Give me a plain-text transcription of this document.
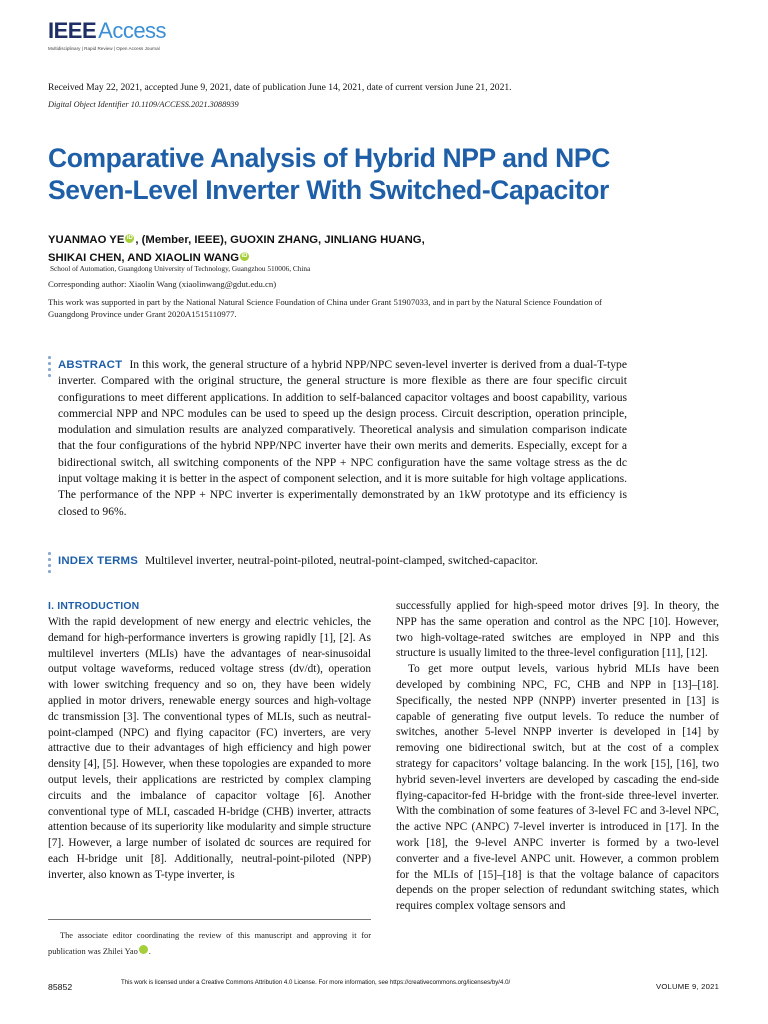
IEEEAccess
Multidisciplinary | Rapid Review | Open Access Journal
Received May 22, 2021, accepted June 9, 2021, date of publication June 14, 2021, date of current version June 21, 2021.
Digital Object Identifier 10.1109/ACCESS.2021.3088939
Comparative Analysis of Hybrid NPP and NPC
Seven-Level Inverter With Switched-Capacitor
YUANMAO YE iD , (Member, IEEE), GUOXIN ZHANG, JINLIANG HUANG,
SHIKAI CHEN, AND XIAOLIN WANG iD
School of Automation, Guangdong University of Technology, Guangzhou 510006, China
Corresponding author: Xiaolin Wang (xiaolinwang@gdut.edu.cn)
This work was supported in part by the National Natural Science Foundation of China under Grant 51907033, and in part by the Natural Science Foundation of Guangdong Province under Grant 2020A1515110977.
ABSTRACT In this work, the general structure of a hybrid NPP/NPC seven-level inverter is derived from a dual-T-type inverter. Compared with the original structure, the general structure is more flexible as there are four specific circuit configurations to meet different applications. In addition to self-balanced capacitor voltages and boost capability, various commercial NPP and NPC modules can be used to speed up the design process. Circuit description, operation principle, modulation and simulation results are analyzed comparatively. Theoretical analysis and simulation comparison indicate that the four configurations of the hybrid NPP/NPC inverter have their own merits and demerits. Especially, except for a bidirectional switch, all switching components of the NPP + NPC configuration have the same voltage stress as the dc input voltage making it is better in the aspect of component selection, and it is more suitable for high voltage applications. The performance of the NPP + NPC inverter is experimentally demonstrated by an 1kW prototype and its efficiency is closed to 96%.
INDEX TERMS Multilevel inverter, neutral-point-piloted, neutral-point-clamped, switched-capacitor.
I. INTRODUCTION

With the rapid development of new energy and electric vehicles, the demand for high-performance inverters is growing rapidly [1], [2]. As multilevel inverters (MLIs) have the advantages of near-sinusoidal output voltage waveforms, reduced voltage stress (dv/dt), operation with lower switching frequency and so on, they have been widely applied in motor drivers, renewable energy sources and high-voltage dc transmission [3]. The conventional types of MLIs, such as neutral-point-clamped (NPC) and flying capacitor (FC) inverters, are very attractive due to their advantages of high efficiency and high power density [4], [5]. However, when these topologies are expanded to more output levels, their applications are restricted by complex clamping circuits and the imbalance of capacitor voltage [6]. Another conventional type of MLI, cascaded H-bridge (CHB) inverter, attracts attention because of its superiority like modularity and simple structure [7]. However, a large number of isolated dc sources are required for each H-bridge unit [8]. Additionally, neutral-point-piloted (NPP) inverter, also known as T-type inverter, is

successfully applied for high-speed motor drives [9]. In theory, the NPP has the same operation and control as the NPC [10]. However, two high-voltage-rated switches are employed in NPP and this structure is usually limited to the three-level configuration [11], [12].

To get more output levels, various hybrid MLIs have been developed by combining NPC, FC, CHB and NPP in [13]–[18]. Specifically, the nested NPP (NNPP) inverter presented in [13] is capable of generating five output levels. To reduce the number of switches, another 5-level NNPP inverter is developed in [14] by removing one bidirectional switch, but at the cost of a complex strategy for capacitors’ voltage balancing. In the work [15], [16], two hybrid seven-level inverters are developed by cascading the end-side flying-capacitor-fed H-bridge with the front-side three-level inverter. With the combination of some features of 3-level FC and 3-level NPC, the active NPC (ANPC) 7-level inverter is introduced in [17]. In the work [18], the 9-level ANPC inverter is formed by a two-level converter and a five-level ANPC unit. However, a common problem for the MLIs of [15]–[18] is that the voltage balance of capacitors depends on the proper selection of redundant switching states, which requires complex voltage sensors and

The associate editor coordinating the review of this manuscript and approving it for publication was Zhilei Yao iD.
85852	This work is licensed under a Creative Commons Attribution 4.0 License. For more information, see https://creativecommons.org/licenses/by/4.0/	VOLUME 9, 2021
